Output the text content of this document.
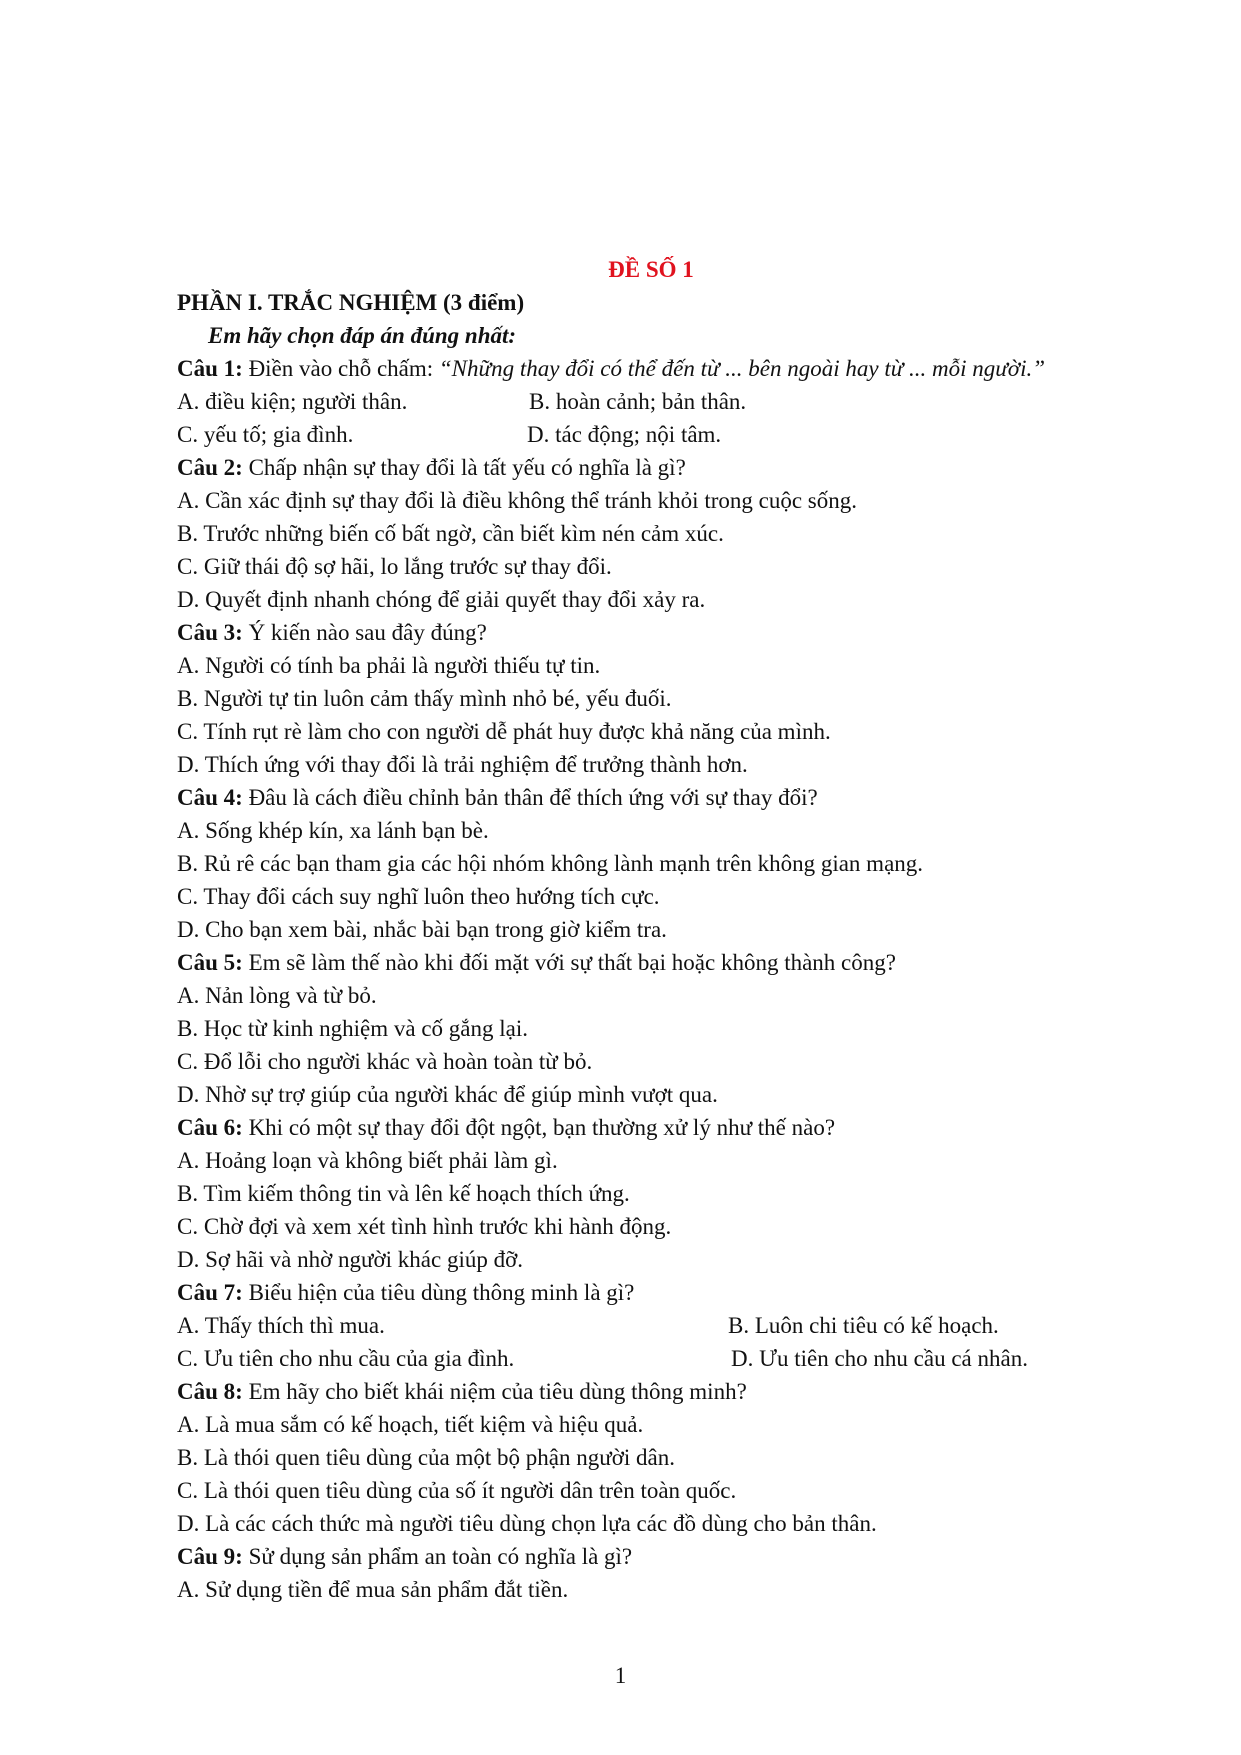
ĐỀ SỐ 1
PHẦN I. TRẮC NGHIỆM (3 điểm)
Em hãy chọn đáp án đúng nhất:
Câu 1: Điền vào chỗ chấm: “Những thay đổi có thể đến từ ... bên ngoài hay từ ... mỗi người.”
A. điều kiện; người thân.	B. hoàn cảnh; bản thân.
C. yếu tố; gia đình.	D. tác động; nội tâm.
Câu 2: Chấp nhận sự thay đổi là tất yếu có nghĩa là gì?
A. Cần xác định sự thay đổi là điều không thể tránh khỏi trong cuộc sống.
B. Trước những biến cố bất ngờ, cần biết kìm nén cảm xúc.
C. Giữ thái độ sợ hãi, lo lắng trước sự thay đổi.
D. Quyết định nhanh chóng để giải quyết thay đổi xảy ra.
Câu 3: Ý kiến nào sau đây đúng?
A. Người có tính ba phải là người thiếu tự tin.
B. Người tự tin luôn cảm thấy mình nhỏ bé, yếu đuối.
C. Tính rụt rè làm cho con người dễ phát huy được khả năng của mình.
D. Thích ứng với thay đổi là trải nghiệm để trưởng thành hơn.
Câu 4: Đâu là cách điều chỉnh bản thân để thích ứng với sự thay đổi?
A. Sống khép kín, xa lánh bạn bè.
B. Rủ rê các bạn tham gia các hội nhóm không lành mạnh trên không gian mạng.
C. Thay đổi cách suy nghĩ luôn theo hướng tích cực.
D. Cho bạn xem bài, nhắc bài bạn trong giờ kiểm tra.
Câu 5: Em sẽ làm thế nào khi đối mặt với sự thất bại hoặc không thành công?
A. Nản lòng và từ bỏ.
B. Học từ kinh nghiệm và cố gắng lại.
C. Đổ lỗi cho người khác và hoàn toàn từ bỏ.
D. Nhờ sự trợ giúp của người khác để giúp mình vượt qua.
Câu 6: Khi có một sự thay đổi đột ngột, bạn thường xử lý như thế nào?
A. Hoảng loạn và không biết phải làm gì.
B. Tìm kiếm thông tin và lên kế hoạch thích ứng.
C. Chờ đợi và xem xét tình hình trước khi hành động.
D. Sợ hãi và nhờ người khác giúp đỡ.
Câu 7: Biểu hiện của tiêu dùng thông minh là gì?
A. Thấy thích thì mua.	B. Luôn chi tiêu có kế hoạch.
C. Ưu tiên cho nhu cầu của gia đình.	D. Ưu tiên cho nhu cầu cá nhân.
Câu 8: Em hãy cho biết khái niệm của tiêu dùng thông minh?
A. Là mua sắm có kế hoạch, tiết kiệm và hiệu quả.
B. Là thói quen tiêu dùng của một bộ phận người dân.
C. Là thói quen tiêu dùng của số ít người dân trên toàn quốc.
D. Là các cách thức mà người tiêu dùng chọn lựa các đồ dùng cho bản thân.
Câu 9: Sử dụng sản phẩm an toàn có nghĩa là gì?
A. Sử dụng tiền để mua sản phẩm đắt tiền.
1
